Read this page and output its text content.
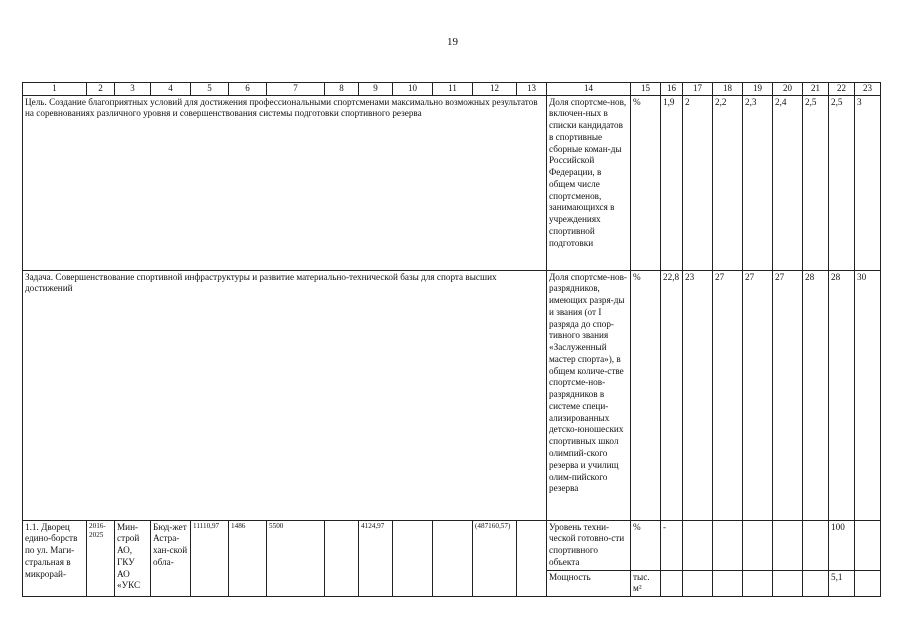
19
1	2	3	4	5	6	7	8	9	10	11	12	13	14	15	16	17	18	19	20	21	22	23
Цель. Создание благоприятных условий для достижения профессиональными спортсменами максимально возможных результатов на соревнованиях различного уровня и совершенствования системы подготовки спортивного резерва													Доля спортсме-нов, включен-ных в списки кандидатов в спортивные сборные коман-ды Российской Федерации, в общем числе спортсменов, занимающихся в учреждениях спортивной подготовки	%	1,9	2	2,2	2,3	2,4	2,5	2,5	3
Задача. Совершенствование спортивной инфраструктуры и развитие материально-технической базы для спорта высших достижений													Доля спортсме-нов-разрядников, имеющих разря-ды и звания (от I разряда до спор-тивного звания «Заслуженный мастер спорта»), в общем количе-стве спортсме-нов-разрядников в системе специ-ализированных детско-юношеских спортивных школ олимпий-ского резерва и училищ олим-пийского резерва	%	22,8	23	27	27	27	28	28	30
1.1. Дворец едино-борств по ул. Маги-стральная в микрорай-	2016-2025	Мин-строй АО, ГКУ АО «УКС	Бюд-жет Астра-хан-ской обла-	11110,97	1486	5500		4124,97			(487160,57)		Уровень техни-ческой готовно-сти спортивного объекта	%	-						100	
													Мощность	тыс. м²							5,1	
